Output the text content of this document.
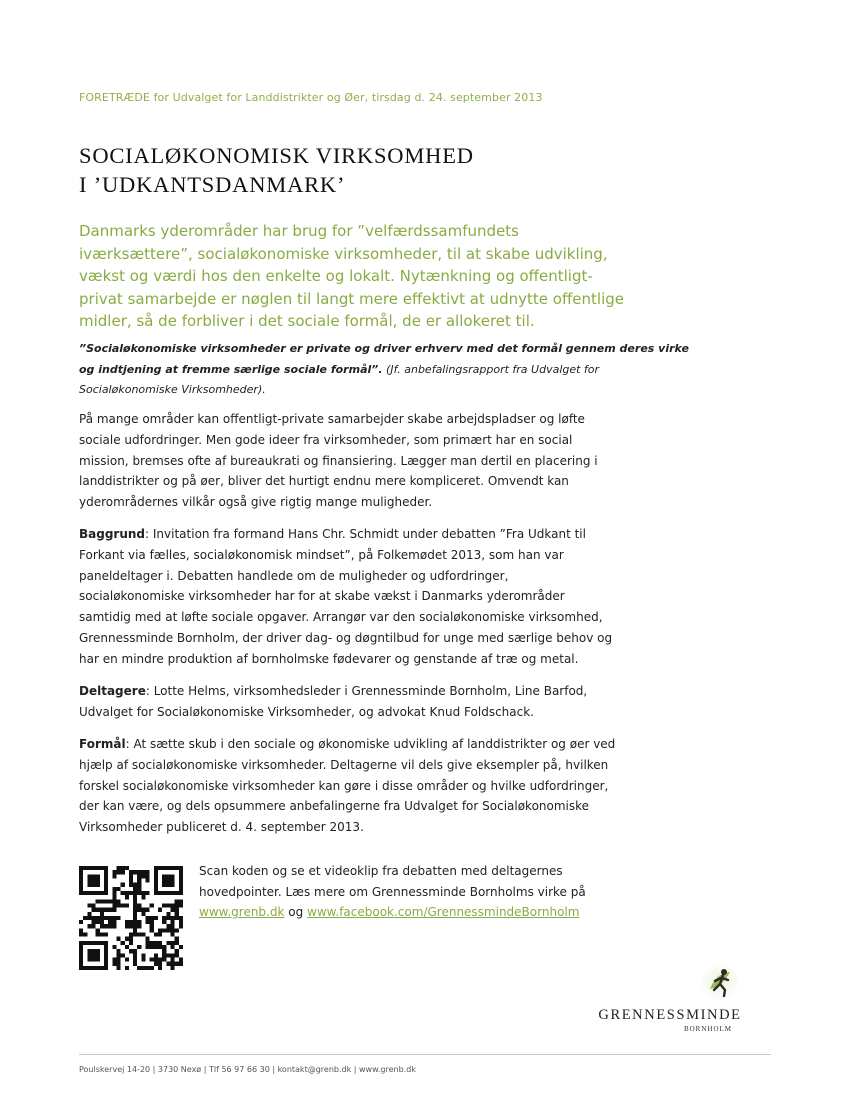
FORETRÆDE for Udvalget for Landdistrikter og Øer, tirsdag d. 24. september 2013
SOCIALØKONOMISK VIRKSOMHED
I ’UDKANTSDANMARK’
Danmarks yderområder har brug for ”velfærdssamfundets
iværksættere”, socialøkonomiske virksomheder, til at skabe udvikling,
vækst og værdi hos den enkelte og lokalt. Nytænkning og offentligt-
privat samarbejde er nøglen til langt mere effektivt at udnytte offentlige
midler, så de forbliver i det sociale formål, de er allokeret til.
”Socialøkonomiske virksomheder er private og driver erhverv med det formål gennem deres virke
og indtjening at fremme særlige sociale formål”. (Jf. anbefalingsrapport fra Udvalget for
Socialøkonomiske Virksomheder).
På mange områder kan offentligt-private samarbejder skabe arbejdspladser og løfte
sociale udfordringer. Men gode ideer fra virksomheder, som primært har en social
mission, bremses ofte af bureaukrati og finansiering. Lægger man dertil en placering i
landdistrikter og på øer, bliver det hurtigt endnu mere kompliceret. Omvendt kan
yderområdernes vilkår også give rigtig mange muligheder.
Baggrund: Invitation fra formand Hans Chr. Schmidt under debatten ”Fra Udkant til
Forkant via fælles, socialøkonomisk mindset”, på Folkemødet 2013, som han var
paneldeltager i. Debatten handlede om de muligheder og udfordringer,
socialøkonomiske virksomheder har for at skabe vækst i Danmarks yderområder
samtidig med at løfte sociale opgaver. Arrangør var den socialøkonomiske virksomhed,
Grennessminde Bornholm, der driver dag- og døgntilbud for unge med særlige behov og
har en mindre produktion af bornholmske fødevarer og genstande af træ og metal.
Deltagere: Lotte Helms, virksomhedsleder i Grennessminde Bornholm, Line Barfod,
Udvalget for Socialøkonomiske Virksomheder, og advokat Knud Foldschack.
Formål: At sætte skub i den sociale og økonomiske udvikling af landdistrikter og øer ved
hjælp af socialøkonomiske virksomheder. Deltagerne vil dels give eksempler på, hvilken
forskel socialøkonomiske virksomheder kan gøre i disse områder og hvilke udfordringer,
der kan være, og dels opsummere anbefalingerne fra Udvalget for Socialøkonomiske
Virksomheder publiceret d. 4. september 2013.
Scan koden og se et videoklip fra debatten med deltagernes
hovedpointer. Læs mere om Grennessminde Bornholms virke på
www.grenb.dk og www.facebook.com/GrennessmindeBornholm
GRENNESSMINDE
BORNHOLM
Poulskervej 14-20 | 3730 Nexø | Tlf 56 97 66 30 | kontakt@grenb.dk | www.grenb.dk
